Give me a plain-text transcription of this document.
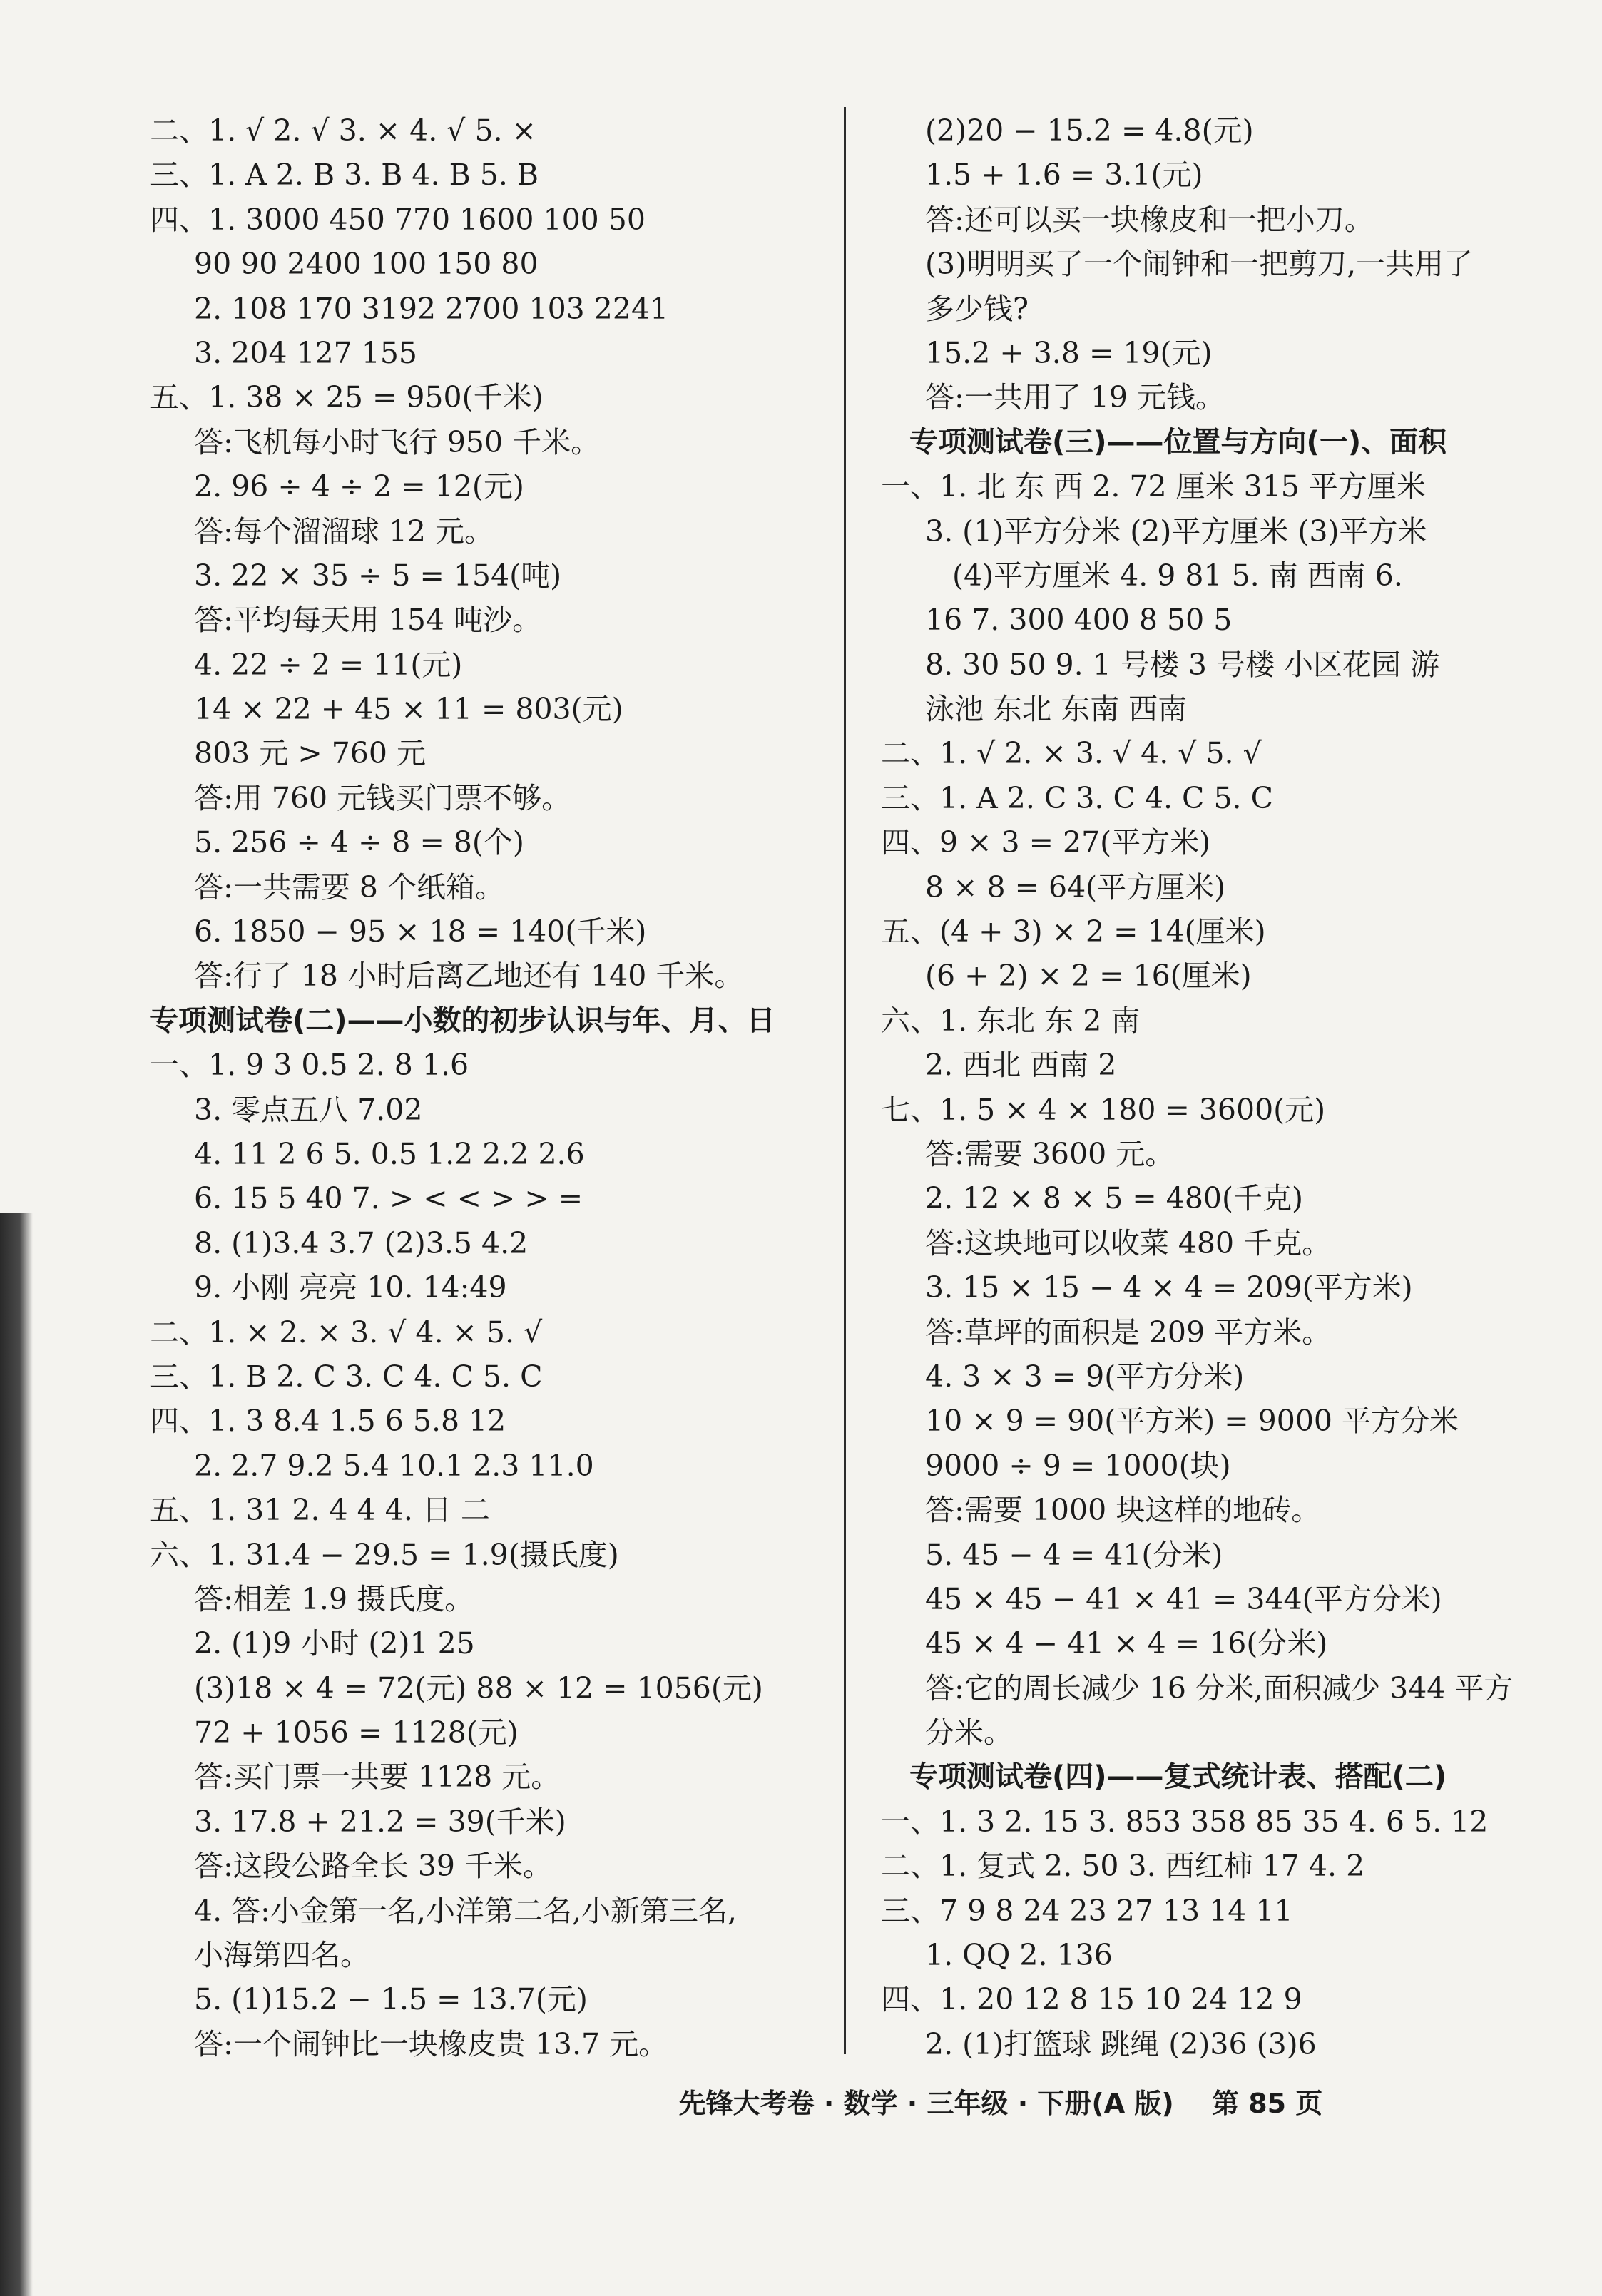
二、1. √ 2. √ 3. × 4. √ 5. ×
三、1. A 2. B 3. B 4. B 5. B
四、1. 3000 450 770 1600 100 50
90 90 2400 100 150 80
2. 108 170 3192 2700 103 2241
3. 204 127 155
五、1. 38 × 25 = 950(千米)
答:飞机每小时飞行 950 千米。
2. 96 ÷ 4 ÷ 2 = 12(元)
答:每个溜溜球 12 元。
3. 22 × 35 ÷ 5 = 154(吨)
答:平均每天用 154 吨沙。
4. 22 ÷ 2 = 11(元)
14 × 22 + 45 × 11 = 803(元)
803 元 > 760 元
答:用 760 元钱买门票不够。
5. 256 ÷ 4 ÷ 8 = 8(个)
答:一共需要 8 个纸箱。
6. 1850 − 95 × 18 = 140(千米)
答:行了 18 小时后离乙地还有 140 千米。
专项测试卷(二)——小数的初步认识与年、月、日
一、1. 9 3 0.5 2. 8 1.6
3. 零点五八 7.02
4. 11 2 6 5. 0.5 1.2 2.2 2.6
6. 15 5 40 7. > < < > > =
8. (1)3.4 3.7 (2)3.5 4.2
9. 小刚 亮亮 10. 14:49
二、1. × 2. × 3. √ 4. × 5. √
三、1. B 2. C 3. C 4. C 5. C
四、1. 3 8.4 1.5 6 5.8 12
2. 2.7 9.2 5.4 10.1 2.3 11.0
五、1. 31 2. 4 4 4. 日 二
六、1. 31.4 − 29.5 = 1.9(摄氏度)
答:相差 1.9 摄氏度。
2. (1)9 小时 (2)1 25
(3)18 × 4 = 72(元) 88 × 12 = 1056(元)
72 + 1056 = 1128(元)
答:买门票一共要 1128 元。
3. 17.8 + 21.2 = 39(千米)
答:这段公路全长 39 千米。
4. 答:小金第一名,小洋第二名,小新第三名,
小海第四名。
5. (1)15.2 − 1.5 = 13.7(元)
答:一个闹钟比一块橡皮贵 13.7 元。
(2)20 − 15.2 = 4.8(元)
1.5 + 1.6 = 3.1(元)
答:还可以买一块橡皮和一把小刀。
(3)明明买了一个闹钟和一把剪刀,一共用了
多少钱?
15.2 + 3.8 = 19(元)
答:一共用了 19 元钱。
专项测试卷(三)——位置与方向(一)、面积
一、1. 北 东 西 2. 72 厘米 315 平方厘米
3. (1)平方分米 (2)平方厘米 (3)平方米
(4)平方厘米 4. 9 81 5. 南 西南 6.
16 7. 300 400 8 50 5
8. 30 50 9. 1 号楼 3 号楼 小区花园 游
泳池 东北 东南 西南
二、1. √ 2. × 3. √ 4. √ 5. √
三、1. A 2. C 3. C 4. C 5. C
四、9 × 3 = 27(平方米)
8 × 8 = 64(平方厘米)
五、(4 + 3) × 2 = 14(厘米)
(6 + 2) × 2 = 16(厘米)
六、1. 东北 东 2 南
2. 西北 西南 2
七、1. 5 × 4 × 180 = 3600(元)
答:需要 3600 元。
2. 12 × 8 × 5 = 480(千克)
答:这块地可以收菜 480 千克。
3. 15 × 15 − 4 × 4 = 209(平方米)
答:草坪的面积是 209 平方米。
4. 3 × 3 = 9(平方分米)
10 × 9 = 90(平方米) = 9000 平方分米
9000 ÷ 9 = 1000(块)
答:需要 1000 块这样的地砖。
5. 45 − 4 = 41(分米)
45 × 45 − 41 × 41 = 344(平方分米)
45 × 4 − 41 × 4 = 16(分米)
答:它的周长减少 16 分米,面积减少 344 平方
分米。
专项测试卷(四)——复式统计表、搭配(二)
一、1. 3 2. 15 3. 853 358 85 35 4. 6 5. 12
二、1. 复式 2. 50 3. 西红柿 17 4. 2
三、7 9 8 24 23 27 13 14 11
1. QQ 2. 136
四、1. 20 12 8 15 10 24 12 9
2. (1)打篮球 跳绳 (2)36 (3)6
先锋大考卷 · 数学 · 三年级 · 下册(A 版) 第 85 页
